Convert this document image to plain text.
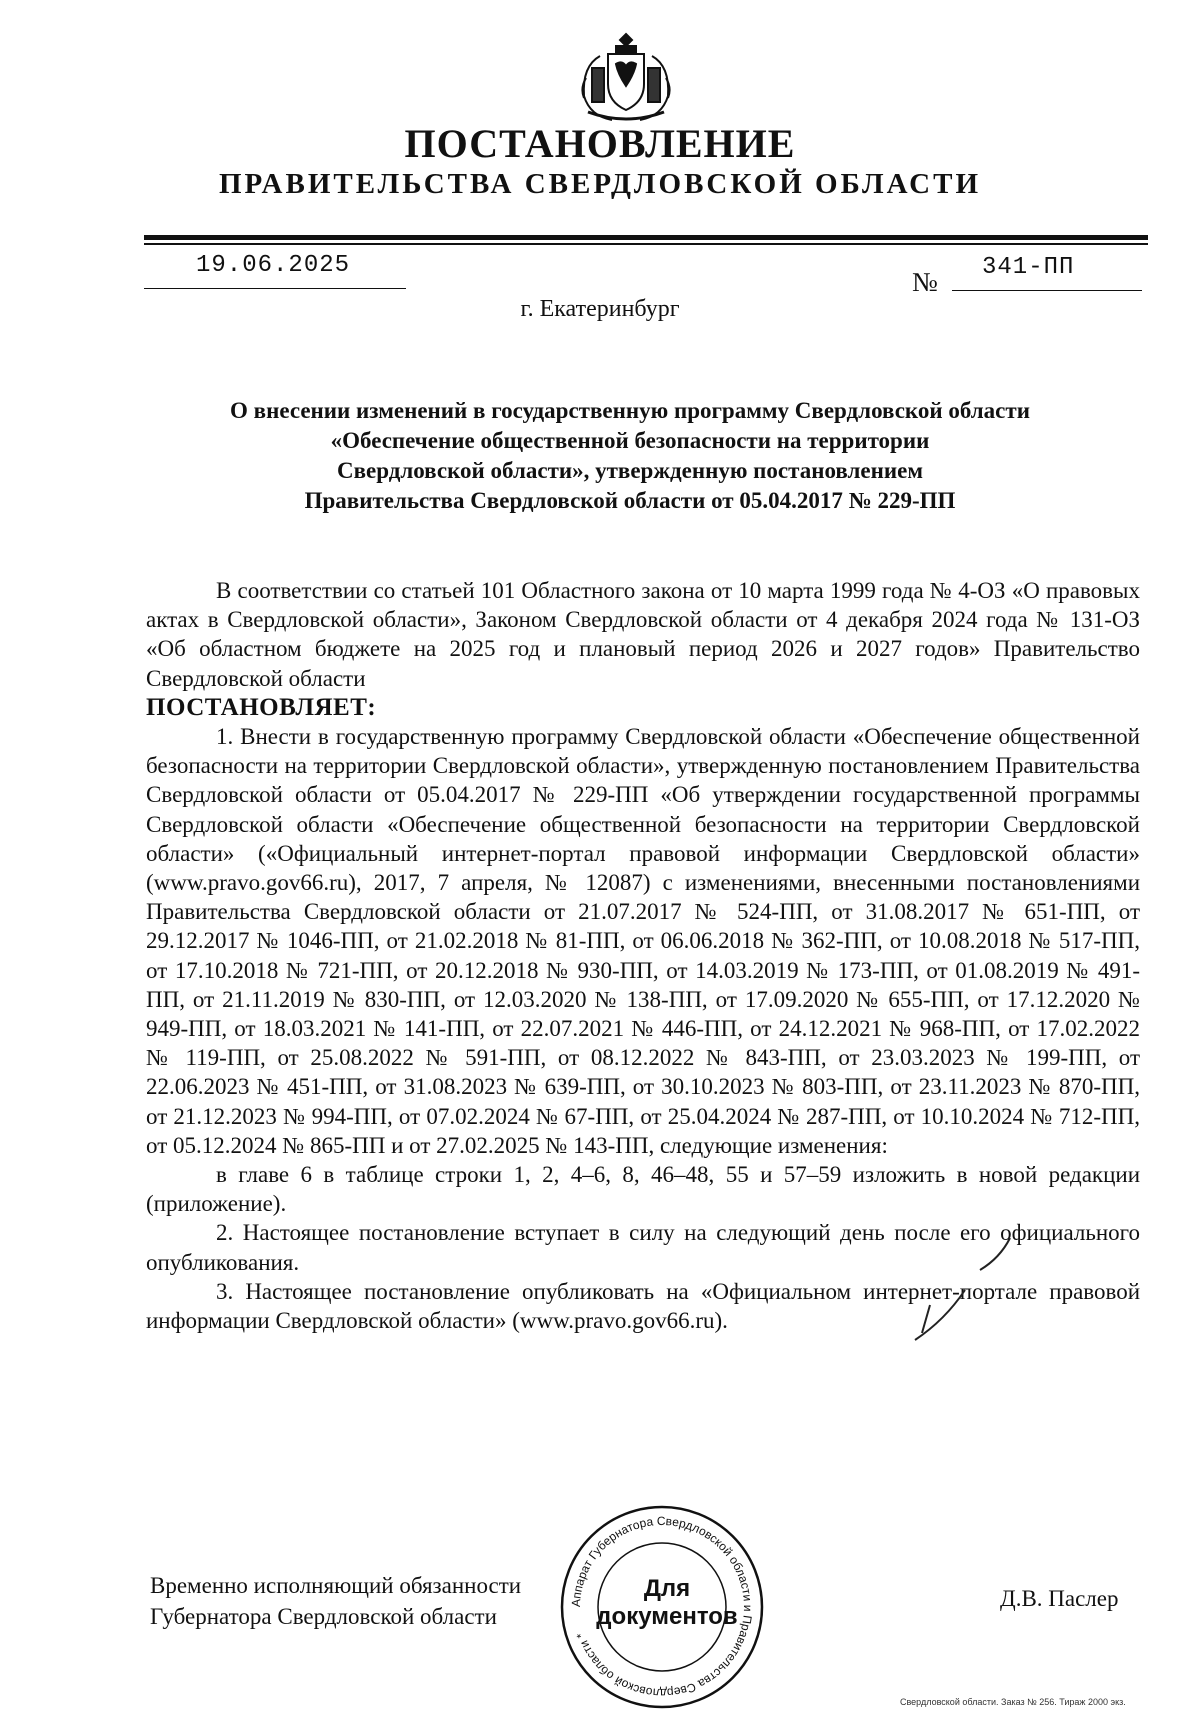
ПОСТАНОВЛЕНИЕ
ПРАВИТЕЛЬСТВА СВЕРДЛОВСКОЙ ОБЛАСТИ
19.06.2025
№ 341-ПП
г. Екатеринбург
О внесении изменений в государственную программу Свердловской области
«Обеспечение общественной безопасности на территории
Свердловской области», утвержденную постановлением
Правительства Свердловской области от 05.04.2017 № 229-ПП

В соответствии со статьей 101 Областного закона от 10 марта 1999 года № 4-ОЗ «О правовых актах в Свердловской области», Законом Свердловской области от 4 декабря 2024 года № 131-ОЗ «Об областном бюджете на 2025 год и плановый период 2026 и 2027 годов» Правительство Свердловской области

ПОСТАНОВЛЯЕТ:

1. Внести в государственную программу Свердловской области «Обеспечение общественной безопасности на территории Свердловской области», утвержденную постановлением Правительства Свердловской области от 05.04.2017 № 229-ПП «Об утверждении государственной программы Свердловской области «Обеспечение общественной безопасности на территории Свердловской области» («Официальный интернет-портал правовой информации Свердловской области» (www.pravo.gov66.ru), 2017, 7 апреля, № 12087) с изменениями, внесенными постановлениями Правительства Свердловской области от 21.07.2017 № 524-ПП, от 31.08.2017 № 651-ПП, от 29.12.2017 № 1046-ПП, от 21.02.2018 № 81-ПП, от 06.06.2018 № 362-ПП, от 10.08.2018 № 517-ПП, от 17.10.2018 № 721-ПП, от 20.12.2018 № 930-ПП, от 14.03.2019 № 173-ПП, от 01.08.2019 № 491-ПП, от 21.11.2019 № 830-ПП, от 12.03.2020 № 138-ПП, от 17.09.2020 № 655-ПП, от 17.12.2020 № 949-ПП, от 18.03.2021 № 141-ПП, от 22.07.2021 № 446-ПП, от 24.12.2021 № 968-ПП, от 17.02.2022 № 119-ПП, от 25.08.2022 № 591-ПП, от 08.12.2022 № 843-ПП, от 23.03.2023 № 199-ПП, от 22.06.2023 № 451-ПП, от 31.08.2023 № 639-ПП, от 30.10.2023 № 803-ПП, от 23.11.2023 № 870-ПП, от 21.12.2023 № 994-ПП, от 07.02.2024 № 67-ПП, от 25.04.2024 № 287-ПП, от 10.10.2024 № 712-ПП, от 05.12.2024 № 865-ПП и от 27.02.2025 № 143-ПП, следующие изменения:

в главе 6 в таблице строки 1, 2, 4–6, 8, 46–48, 55 и 57–59 изложить в новой редакции (приложение).

2. Настоящее постановление вступает в силу на следующий день после его официального опубликования.

3. Настоящее постановление опубликовать на «Официальном интернет-портале правовой информации Свердловской области» (www.pravo.gov66.ru).

Временно исполняющий обязанности
Губернатора Свердловской области
Д.В. Паслер
Аппарат Губернатора Свердловской области и Правительства Свердловской области *
Для
документов
Свердловской области. Заказ № 256. Тираж 2000 экз.
